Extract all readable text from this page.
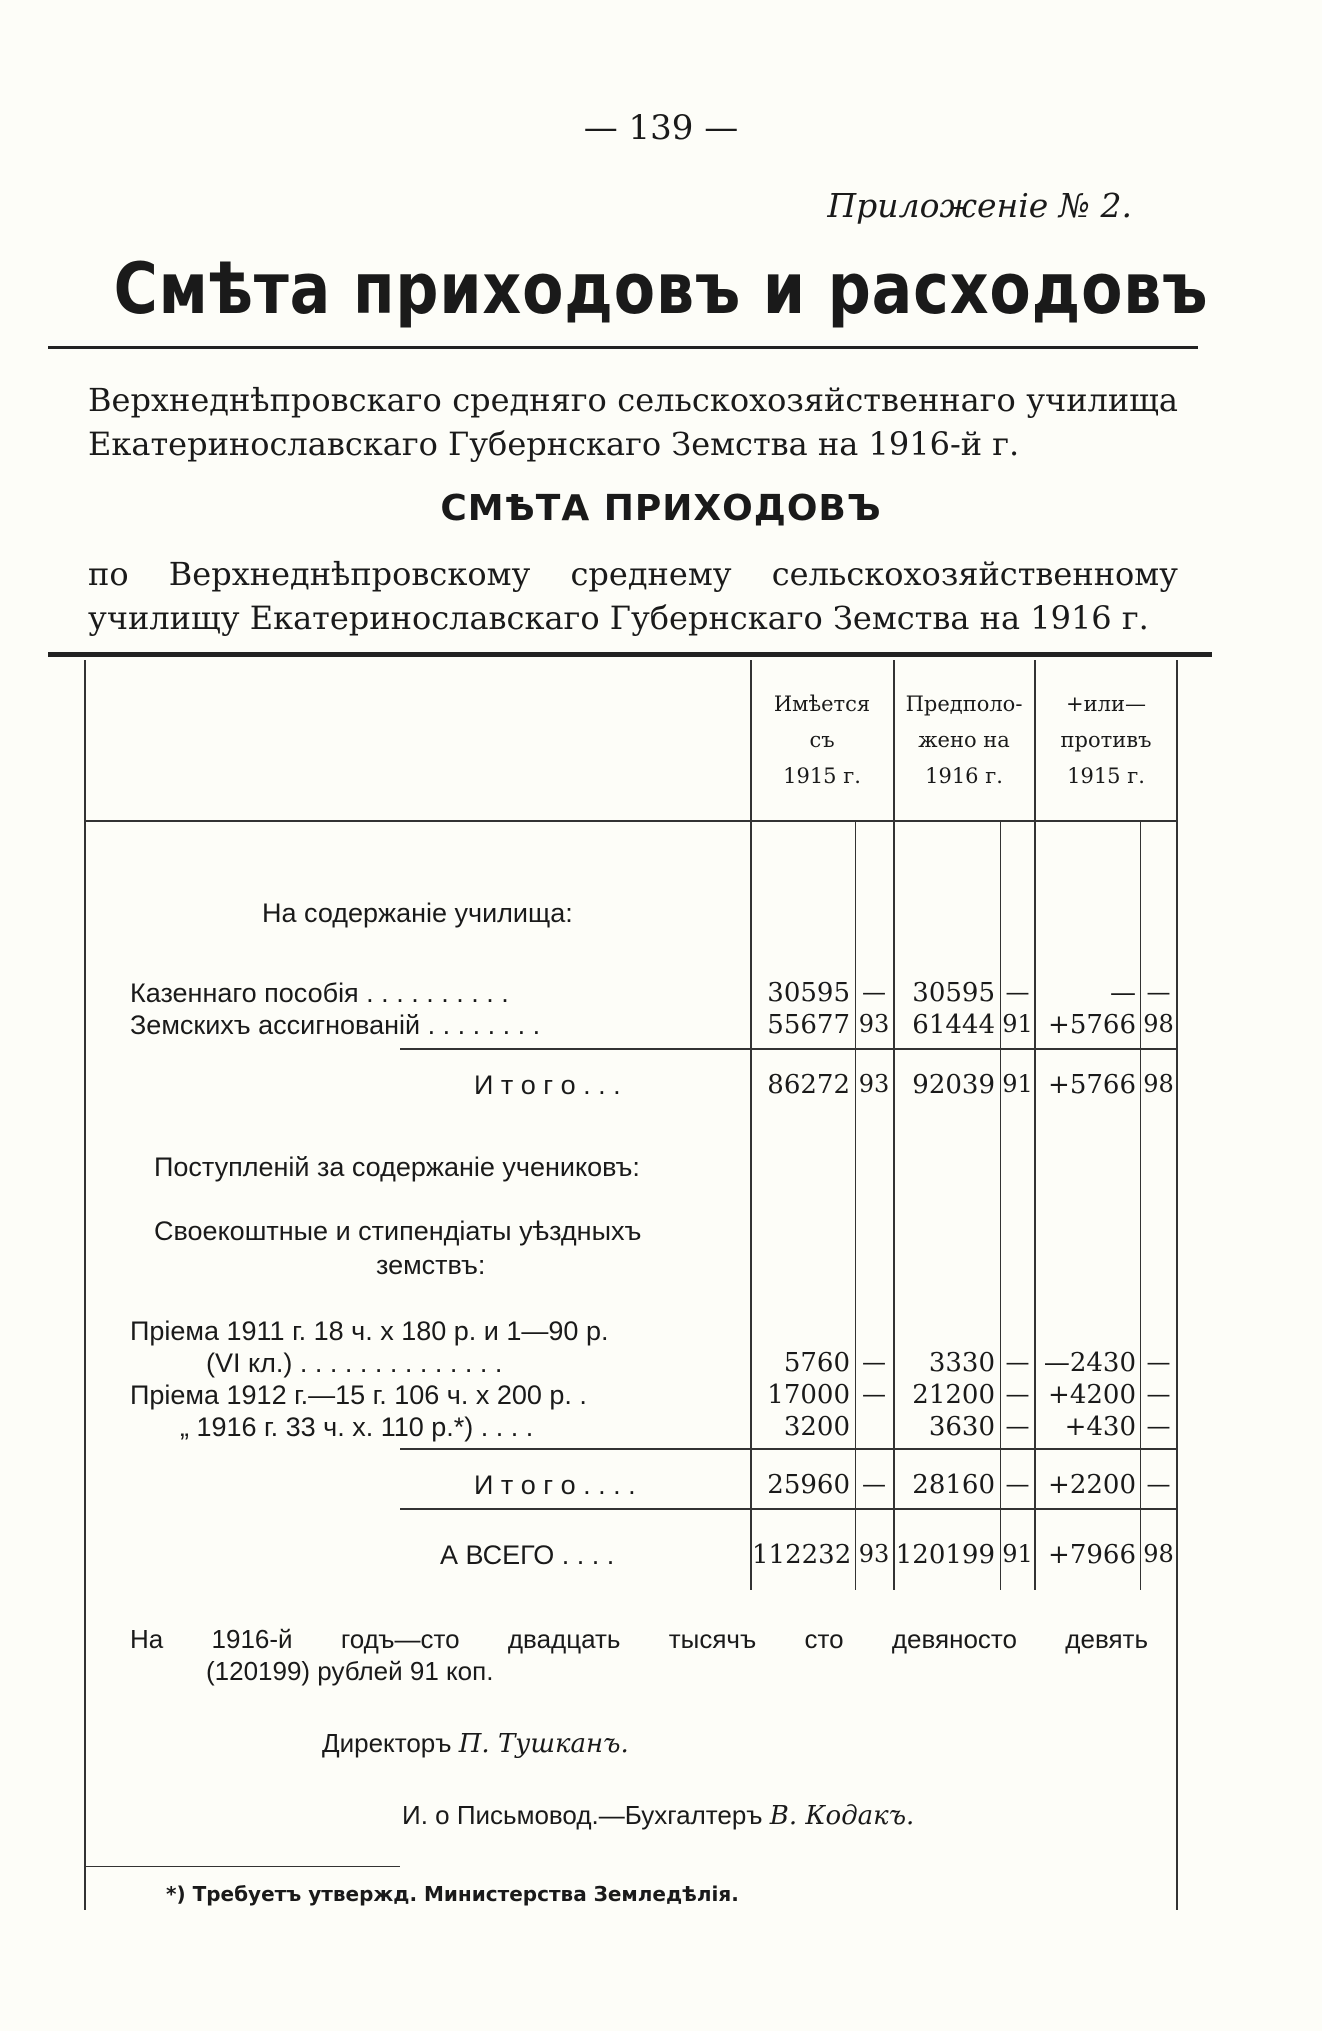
— 139 —
Приложеніе № 2.
Смѣта приходовъ и расходовъ
Верхнеднѣпровскаго средняго сельскохозяйственнаго училища Екатеринославскаго Губернскаго Земства на 1916-й г.
СМѢТА ПРИХОДОВЪ
по Верхнеднѣпровскому среднему сельскохозяйственному училищу Екатеринославскаго Губернскаго Земства на 1916 г.
Имѣется
съ
1915 г.
Предполо-
жено на
1916 г.
+или—
противъ
1915 г.
На содержаніе училища:
Казеннаго пособія . . . . . . . . . .	30595 —	30595 —	— —
Земскихъ ассигнованій . . . . . . . .	55677 93 61444 91 +5766 98
И т о г о . . .	86272 93 92039 91 +5766 98
Поступленій за содержаніе учениковъ:
Своекоштные и стипендіаты уѣздныхъ
земствъ:
Пріема 1911 г. 18 ч. х 180 р. и 1—90 р.
(VI кл.) . . . . . . . . . . . . . .	5760 —	3330 — —2430 —
Пріема 1912 г.—15 г. 106 ч. х 200 р. .	17000 —	21200 — +4200 —
„ 1916 г. 33 ч. х. 110 р.*) . . . .	3200	3630 —	+430 —
И т о г о . . . .	25960 —	28160 — +2200 —
А ВСЕГО . . . .	112232 93 120199 91 +7966 98
На 1916-й годъ—сто двадцать тысячъ сто девяносто девять
(120199) рублей 91 коп.
Директоръ П. Тушканъ.
И. о Письмовод.—Бухгалтеръ В. Кодакъ.
*) Требуетъ утвержд. Министерства Земледѣлія.
